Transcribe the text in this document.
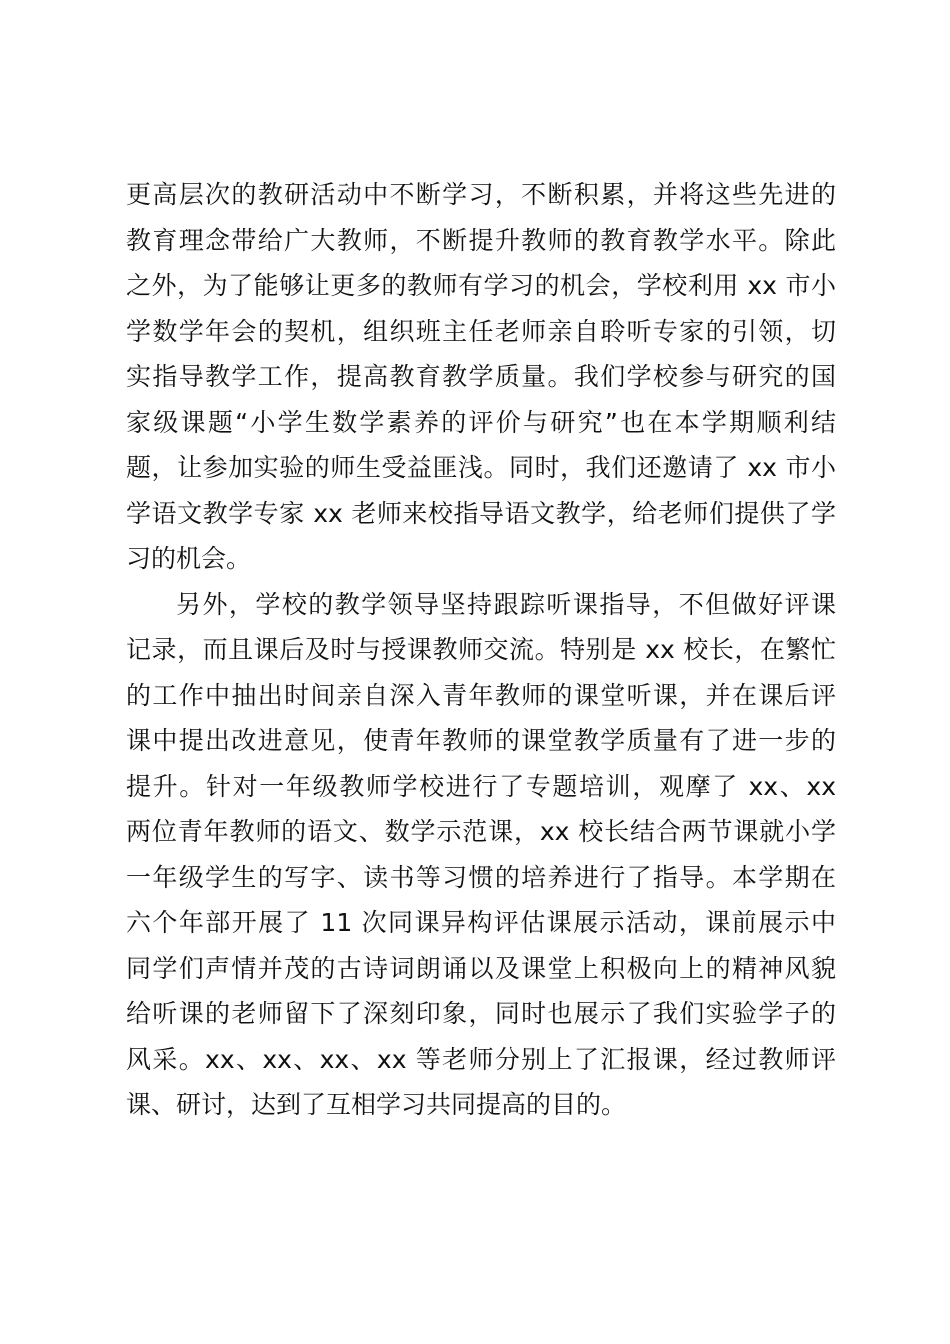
更高层次的教研活动中不断学习，不断积累，并将这些先进的
教育理念带给广大教师，不断提升教师的教育教学水平。除此
之外，为了能够让更多的教师有学习的机会，学校利用 xx 市小
学数学年会的契机，组织班主任老师亲自聆听专家的引领，切
实指导教学工作，提高教育教学质量。我们学校参与研究的国
家级课题“小学生数学素养的评价与研究”也在本学期顺利结
题，让参加实验的师生受益匪浅。同时，我们还邀请了 xx 市小
学语文教学专家 xx 老师来校指导语文教学，给老师们提供了学
习的机会。
另外，学校的教学领导坚持跟踪听课指导，不但做好评课
记录，而且课后及时与授课教师交流。特别是 xx 校长，在繁忙
的工作中抽出时间亲自深入青年教师的课堂听课，并在课后评
课中提出改进意见，使青年教师的课堂教学质量有了进一步的
提升。针对一年级教师学校进行了专题培训，观摩了 xx、xx
两位青年教师的语文、数学示范课，xx 校长结合两节课就小学
一年级学生的写字、读书等习惯的培养进行了指导。本学期在
六个年部开展了 11 次同课异构评估课展示活动，课前展示中
同学们声情并茂的古诗词朗诵以及课堂上积极向上的精神风貌
给听课的老师留下了深刻印象，同时也展示了我们实验学子的
风采。xx、xx、xx、xx 等老师分别上了汇报课，经过教师评
课、研讨，达到了互相学习共同提高的目的。
